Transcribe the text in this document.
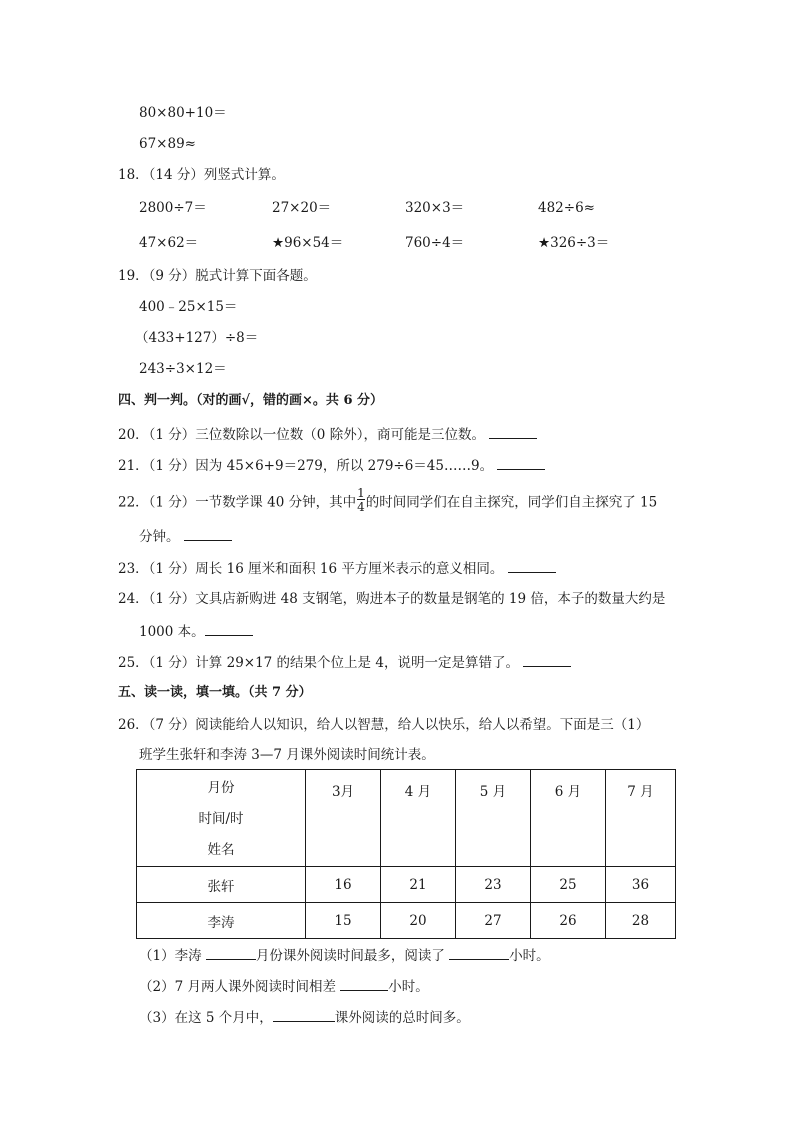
80×80+10＝
67×89≈
18．（14 分）列竖式计算。
2800÷7＝	27×20＝	320×3＝	482÷6≈
47×62＝	★96×54＝	760÷4＝	★326÷3＝
19．（9 分）脱式计算下面各题。
400﹣25×15＝
（433+127）÷8＝
243÷3×12＝
四、判一判。（对的画√，错的画×。共 6 分）
20．（1 分）三位数除以一位数（0 除外），商可能是三位数。
21．（1 分）因为 45×6+9＝279，所以 279÷6＝45……9。
22．（1 分）一节数学课 40 分钟，其中 $\frac{1}{4}$ 的时间同学们在自主探究，同学们自主探究了 15
分钟。
23．（1 分）周长 16 厘米和面积 16 平方厘米表示的意义相同。
24．（1 分）文具店新购进 48 支钢笔，购进本子的数量是钢笔的 19 倍，本子的数量大约是
1000 本。
25．（1 分）计算 29×17 的结果个位上是 4，说明一定是算错了。
五、读一读，填一填。（共 7 分）
26．（7 分）阅读能给人以知识，给人以智慧，给人以快乐，给人以希望。下面是三（1）
班学生张轩和李涛 3—7 月课外阅读时间统计表。
月份
时间/时
姓名	3月	4 月	5 月	6 月	7 月
张轩	16	21	23	25	36
李涛	15	20	27	26	28
（1）李涛	月份课外阅读时间最多，阅读了	小时。
（2）7 月两人课外阅读时间相差	小时。
（3）在这 5 个月中，	课外阅读的总时间多。
